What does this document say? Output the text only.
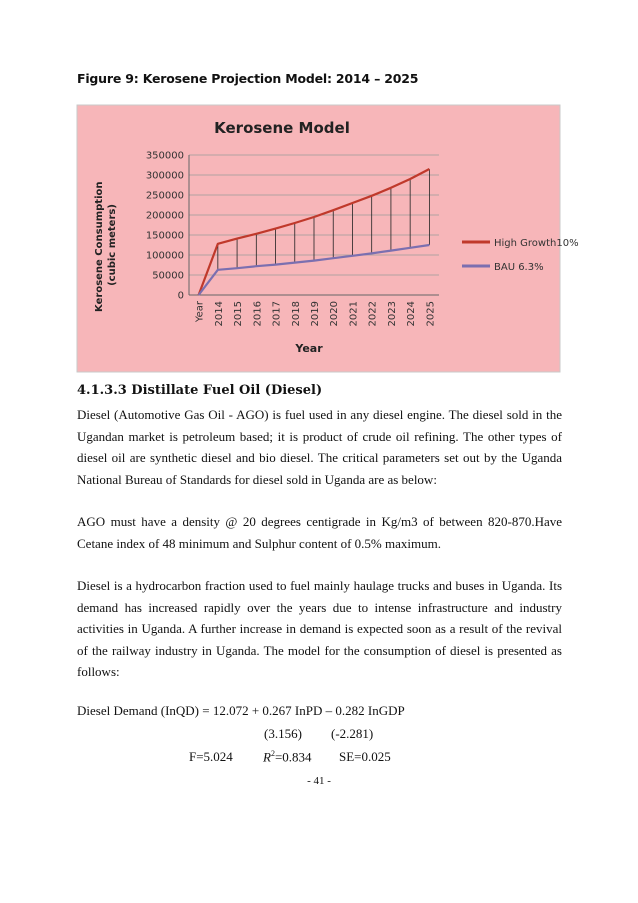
Figure 9: Kerosene Projection Model: 2014 – 2025
Kerosene Model
0
50000
100000
150000
200000
250000
300000
350000
Year 2014 2015 2016 2017 2018 2019 2020 2021 2022 2023 2024 2025
Year
Kerosene Consumption (cubic meters)	High Growth10%
BAU 6.3%
4.1.3.3 Distillate Fuel Oil (Diesel)
Diesel (Automotive Gas Oil - AGO) is fuel used in any diesel engine. The diesel sold in the Ugandan market is petroleum based; it is product of crude oil refining. The other types of diesel oil are synthetic diesel and bio diesel. The critical parameters set out by the Uganda National Bureau of Standards for diesel sold in Uganda are as below:
AGO must have a density @ 20 degrees centigrade in Kg/m3 of between 820-870.Have Cetane index of 48 minimum and Sulphur content of 0.5% maximum.
Diesel is a hydrocarbon fraction used to fuel mainly haulage trucks and buses in Uganda. Its demand has increased rapidly over the years due to intense infrastructure and industry activities in Uganda. A further increase in demand is expected soon as a result of the revival of the railway industry in Uganda. The model for the consumption of diesel is presented as follows:
Diesel Demand (InQD) = 12.072 + 0.267 InPD – 0.282 InGDP
(3.156) (-2.281)
F=5.024 $R^2=0.834$ SE=0.025
- 41 -
